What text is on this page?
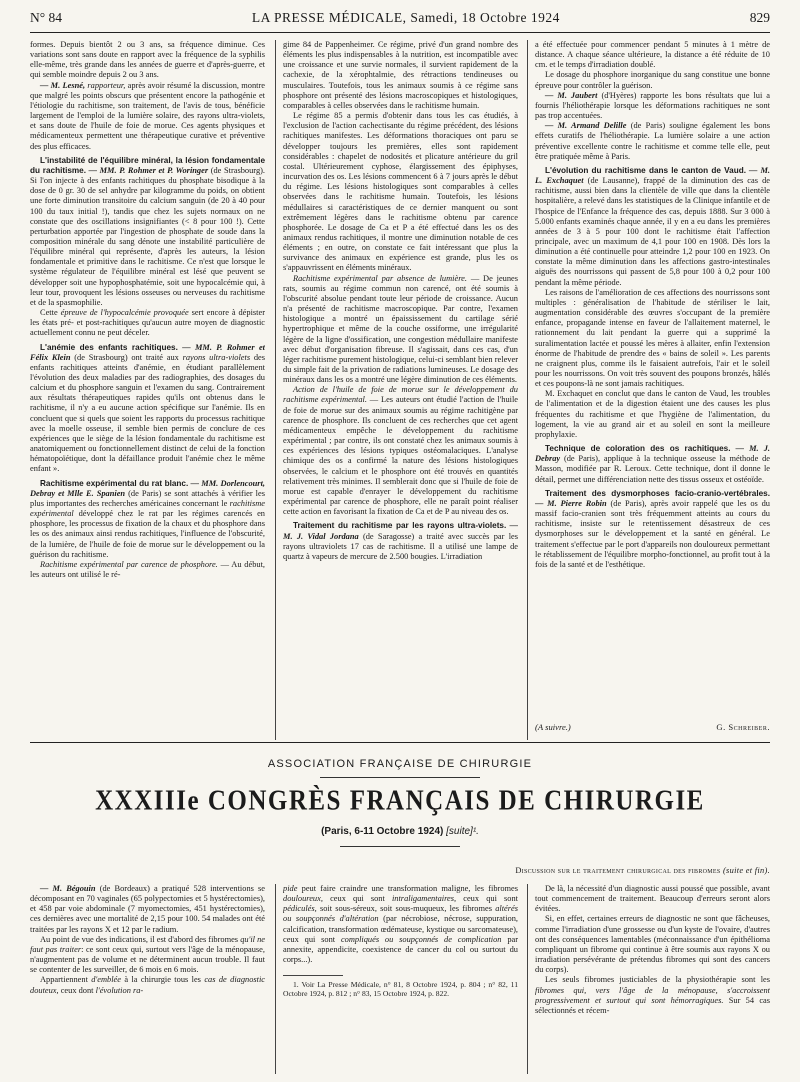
N° 84	LA PRESSE MÉDICALE, Samedi, 18 Octobre 1924	829

formes. Depuis bientôt 2 ou 3 ans, sa fréquence diminue. Ces variations sont sans doute en rapport avec la fréquence de la syphilis elle-même, très grande dans les années de guerre et d'après-guerre, et qui semble moindre depuis 2 ou 3 ans.

— M. Lesné, rapporteur, après avoir résumé la discussion, montre que malgré les points obscurs que présentent encore la pathogénie et l'étiologie du rachitisme, son traitement, de l'avis de tous, bénéficie largement de l'emploi de la lumière solaire, des rayons ultra-violets, et sans doute de l'huile de foie de morue. Ces agents physiques et médicamenteux permettent une thérapeutique curative et préventive des plus efficaces.

L'instabilité de l'équilibre minéral, la lésion fondamentale du rachitisme. — MM. P. Rohmer et P. Woringer (de Strasbourg). Si l'on injecte à des enfants rachitiques du phosphate bisodique à la dose de 0 gr. 30 de sel anhydre par kilogramme du poids, on obtient une forte diminution transitoire du calcium sanguin (de 20 à 40 pour 100 du taux initial !), tandis que chez les sujets normaux on ne constate que des oscillations insignifiantes (< 8 pour 100 !). Cette perturbation apportée par l'ingestion de phosphate de soude dans la composition minérale du sang dénote une instabilité particulière de l'équilibre minéral qui représente, d'après les auteurs, la lésion fondamentale et primitive dans le rachitisme. Ce n'est que lorsque le système régulateur de l'équilibre minéral est lésé que peuvent se développer soit une hypophosphatémie, soit une hypocalcémie qui, à leur tour, provoquent les lésions osseuses ou nerveuses du rachitisme et de la spasmophilie.

Cette épreuve de l'hypocalcémie provoquée sert encore à dépister les états pré- et post-rachitiques qu'aucun autre moyen de diagnostic actuellement connu ne peut déceler.

L'anémie des enfants rachitiques. — MM. P. Rohmer et Félix Klein (de Strasbourg) ont traité aux rayons ultra-violets des enfants rachitiques atteints d'anémie, en étudiant parallèlement l'évolution des deux maladies par des radiographies, des dosages du calcium et du phosphore sanguin et l'examen du sang. Contrairement aux résultats thérapeutiques rapides qu'ils ont obtenus dans le rachitisme, il n'y a eu aucune action spécifique sur l'anémie. Ils en concluent que si quels que soient les rapports du processus rachitique avec la moelle osseuse, il semble bien permis de conclure de ces expériences que le siège de la lésion fondamentale du rachitisme est anatomiquement ou fonctionnellement distinct de celui de la fonction hématopoïétique, dont la défaillance produit l'anémie chez le même enfant ».

Rachitisme expérimental du rat blanc. — MM. Dorlencourt, Debray et Mlle E. Spanien (de Paris) se sont attachés à vérifier les plus importantes des recherches américaines concernant le rachitisme expérimental développé chez le rat par les régimes carencés en phosphore, les processus de fixation de la chaux et du phosphore dans les os des animaux ainsi rendus rachitiques, l'influence de l'obscurité, de la lumière, de l'huile de foie de morue sur le développement ou la guérison du rachitisme.

Rachitisme expérimental par carence de phosphore. — Au début, les auteurs ont utilisé le ré-

gime 84 de Pappenheimer. Ce régime, privé d'un grand nombre des éléments les plus indispensables à la nutrition, est incompatible avec une croissance et une survie normales, il survient rapidement de la cachexie, de la xérophtalmie, des rétractions tendineuses ou musculaires. Toutefois, tous les animaux soumis à ce régime sans phosphore ont présenté des lésions macroscopiques et histologiques, comparables à celles observées dans le rachitisme humain.

Le régime 85 a permis d'obtenir dans tous les cas étudiés, à l'exclusion de l'action cachectisante du régime précédent, des lésions rachitiques manifestes. Les déformations thoraciques ont paru se développer toujours les premières, elles sont rapidement considérables : chapelet de nodosités et plicature antérieure du gril costal. Ultérieurement cyphose, élargissement des épiphyses, incurvation des os. Les lésions commencent 6 à 7 jours après le début du régime. Les lésions histologiques sont comparables à celles observées dans le rachitisme humain. Toutefois, les lésions médullaires si caractéristiques de ce dernier manquent ou sont extrêmement légères dans le rachitisme obtenu par carence phosphorée. Le dosage de Ca et P a été effectué dans les os des animaux rendus rachitiques, il montre une diminution notable de ces éléments ; en outre, on constate ce fait intéressant que plus la survivance des animaux en expérience est grande, plus les os s'appauvrissent en éléments minéraux.

Rachitisme expérimental par absence de lumière. — De jeunes rats, soumis au régime commun non carencé, ont été soumis à l'obscurité absolue pendant toute leur période de croissance. Aucun n'a présenté de rachitisme macroscopique. Par contre, l'examen histologique a montré un épaississement du cartilage sérié hypertrophique et même de la couche ossiforme, une irrégularité légère de la ligne d'ossification, une congestion médullaire manifeste avec début d'organisation fibreuse. Il s'agissait, dans ces cas, d'un léger rachitisme purement histologique, celui-ci semblant bien relever du simple fait de la privation de radiations lumineuses. Le dosage des minéraux dans les os a montré une légère diminution de ces éléments.

Action de l'huile de foie de morue sur le développement du rachitisme expérimental. — Les auteurs ont étudié l'action de l'huile de foie de morue sur des animaux soumis au régime rachitigène par carence de phosphore. Ils concluent de ces recherches que cet agent médicamenteux empêche le développement du rachitisme expérimental ; par contre, ils ont constaté chez les animaux soumis à ces expériences des lésions typiques ostéomalaciques. L'analyse chimique des os a confirmé la nature des lésions histologiques observées, le calcium et le phosphore ont été trouvés en quantités relativement très minimes. Il semblerait donc que si l'huile de foie de morue est capable d'enrayer le développement du rachitisme expérimental par carence de phosphore, elle ne paraît point réaliser cette action en favorisant la fixation de Ca et de P au niveau des os.

Traitement du rachitisme par les rayons ultra-violets. — M. J. Vidal Jordana (de Saragosse) a traité avec succès par les rayons ultraviolets 17 cas de rachitisme. Il a utilisé une lampe de quartz à vapeurs de mercure de 2.500 bougies. L'irradiation

a été effectuée pour commencer pendant 5 minutes à 1 mètre de distance. A chaque séance ultérieure, la distance a été réduite de 10 cm. et le temps d'irradiation doublé.

Le dosage du phosphore inorganique du sang constitue une bonne épreuve pour contrôler la guérison.

— M. Jaubert (d'Hyères) rapporte les bons résultats que lui a fournis l'héliothérapie lorsque les déformations rachitiques ne sont pas trop accentuées.

— M. Armand Delille (de Paris) souligne également les bons effets curatifs de l'héliothérapie. La lumière solaire a une action préventive excellente contre le rachitisme et comme telle elle, peut être pratiquée même à Paris.

L'évolution du rachitisme dans le canton de Vaud. — M. L. Exchaquet (de Lausanne), frappé de la diminution des cas de rachitisme, aussi bien dans la clientèle de ville que dans la clientèle hospitalière, a relevé dans les statistiques de la Clinique infantile et de l'hospice de l'Enfance la fréquence des cas, depuis 1888. Sur 3 000 à 5.000 enfants examinés chaque année, il y en a eu dans les premières années de 3 à 5 pour 100 dont le rachitisme était l'affection principale, avec un maximum de 4,1 pour 100 en 1908. Dès lors la diminution a été continuelle pour atteindre 1,2 pour 100 en 1923. On constate la même diminution dans les affections gastro-intestinales aiguës des nourrissons qui passent de 5,8 pour 100 à 0,2 pour 100 pendant la même période.

Les raisons de l'amélioration de ces affections des nourrissons sont multiples : généralisation de l'habitude de stériliser le lait, augmentation considérable des œuvres s'occupant de la première enfance, propagande intense en faveur de l'allaitement maternel, le rationnement du lait pendant la guerre qui a supprimé la suralimentation lactée et poussé les mères à allaiter, enfin l'extension énorme de l'habitude de prendre des « bains de soleil ». Les parents ne craignent plus, comme ils le faisaient autrefois, l'air et le soleil pour les nourrissons. On voit très souvent des poupons bronzés, hâlés et ces poupons-là ne sont jamais rachitiques.

M. Exchaquet en conclut que dans le canton de Vaud, les troubles de l'alimentation et de la digestion étaient une des causes les plus fréquentes du rachitisme et que l'hygiène de l'alimentation, du logement, la vie au grand air et au soleil en sont la meilleure prophylaxie.

Technique de coloration des os rachitiques. — M. J. Debray (de Paris), applique à la technique osseuse la méthode de Masson, modifiée par R. Leroux. Cette technique, dont il donne le détail, permet une différenciation nette des tissus osseux et ostéoïde.

Traitement des dysmorphoses facio-cranio-vertébrales. — M. Pierre Robin (de Paris), après avoir rappelé que les os du massif facio-cranien sont très fréquemment atteints au cours du rachitisme, insiste sur le retentissement désastreux de ces dysmorphoses sur le développement et la santé en général. Le traitement s'effectue par le port d'appareils non douloureux permettant le rétablissement de l'équilibre morpho-fonctionnel, au profit tout à la fois de la santé et de l'esthétique.

(A suivre.)	G. Schreiber.
ASSOCIATION FRANÇAISE DE CHIRURGIE
XXXIIIe CONGRÈS FRANÇAIS DE CHIRURGIE
(Paris, 6-11 Octobre 1924) [suite]¹.
Discussion sur le traitement chirurgical des fibromes (suite et fin).

— M. Bégouin (de Bordeaux) a pratiqué 528 interventions se décomposant en 70 vaginales (65 polypectomies et 5 hystérectomies), et 458 par voie abdominale (7 myomectomies, 451 hystérectomies), ces dernières avec une mortalité de 2,15 pour 100. 54 malades ont été traitées par les rayons X et 12 par le radium.

Au point de vue des indications, il est d'abord des fibromes qu'il ne faut pas traiter: ce sont ceux qui, surtout vers l'âge de la ménopause, n'augmentent pas de volume et ne déterminent aucun trouble. Il faut se contenter de les surveiller, de 6 mois en 6 mois.

Appartiennent d'emblée à la chirurgie tous les cas de diagnostic douteux, ceux dont l'évolution ra-

pide peut faire craindre une transformation maligne, les fibromes douloureux, ceux qui sont intraligamentaires, ceux qui sont pédiculés, soit sous-séreux, soit sous-muqueux, les fibromes altérés ou soupçonnés d'altération (par nécrobiose, nécrose, suppuration, calcification, transformation œdémateuse, kystique ou sarcomateuse), ceux qui sont compliqués ou soupçonnés de complication par annexite, appendicite, coexistence de cancer du col ou surtout du corps...).

1. Voir La Presse Médicale, n° 81, 8 Octobre 1924, p. 804 ; n° 82, 11 Octobre 1924, p. 812 ; n° 83, 15 Octobre 1924, p. 822.

De là, la nécessité d'un diagnostic aussi poussé que possible, avant tout commencement de traitement. Beaucoup d'erreurs seront alors évitées.

Si, en effet, certaines erreurs de diagnostic ne sont que fâcheuses, comme l'irradiation d'une grossesse ou d'un kyste de l'ovaire, d'autres ont des conséquences lamentables (méconnaissance d'un épithélioma compliquant un fibrome qui continue à être soumis aux rayons X ou irradiation persévérante de prétendus fibromes qui sont des cancers du corps).

Les seuls fibromes justiciables de la physiothérapie sont les fibromes qui, vers l'âge de la ménopause, s'accroissent progressivement et surtout qui sont hémorragiques. Sur 54 cas sélectionnés et récem-
